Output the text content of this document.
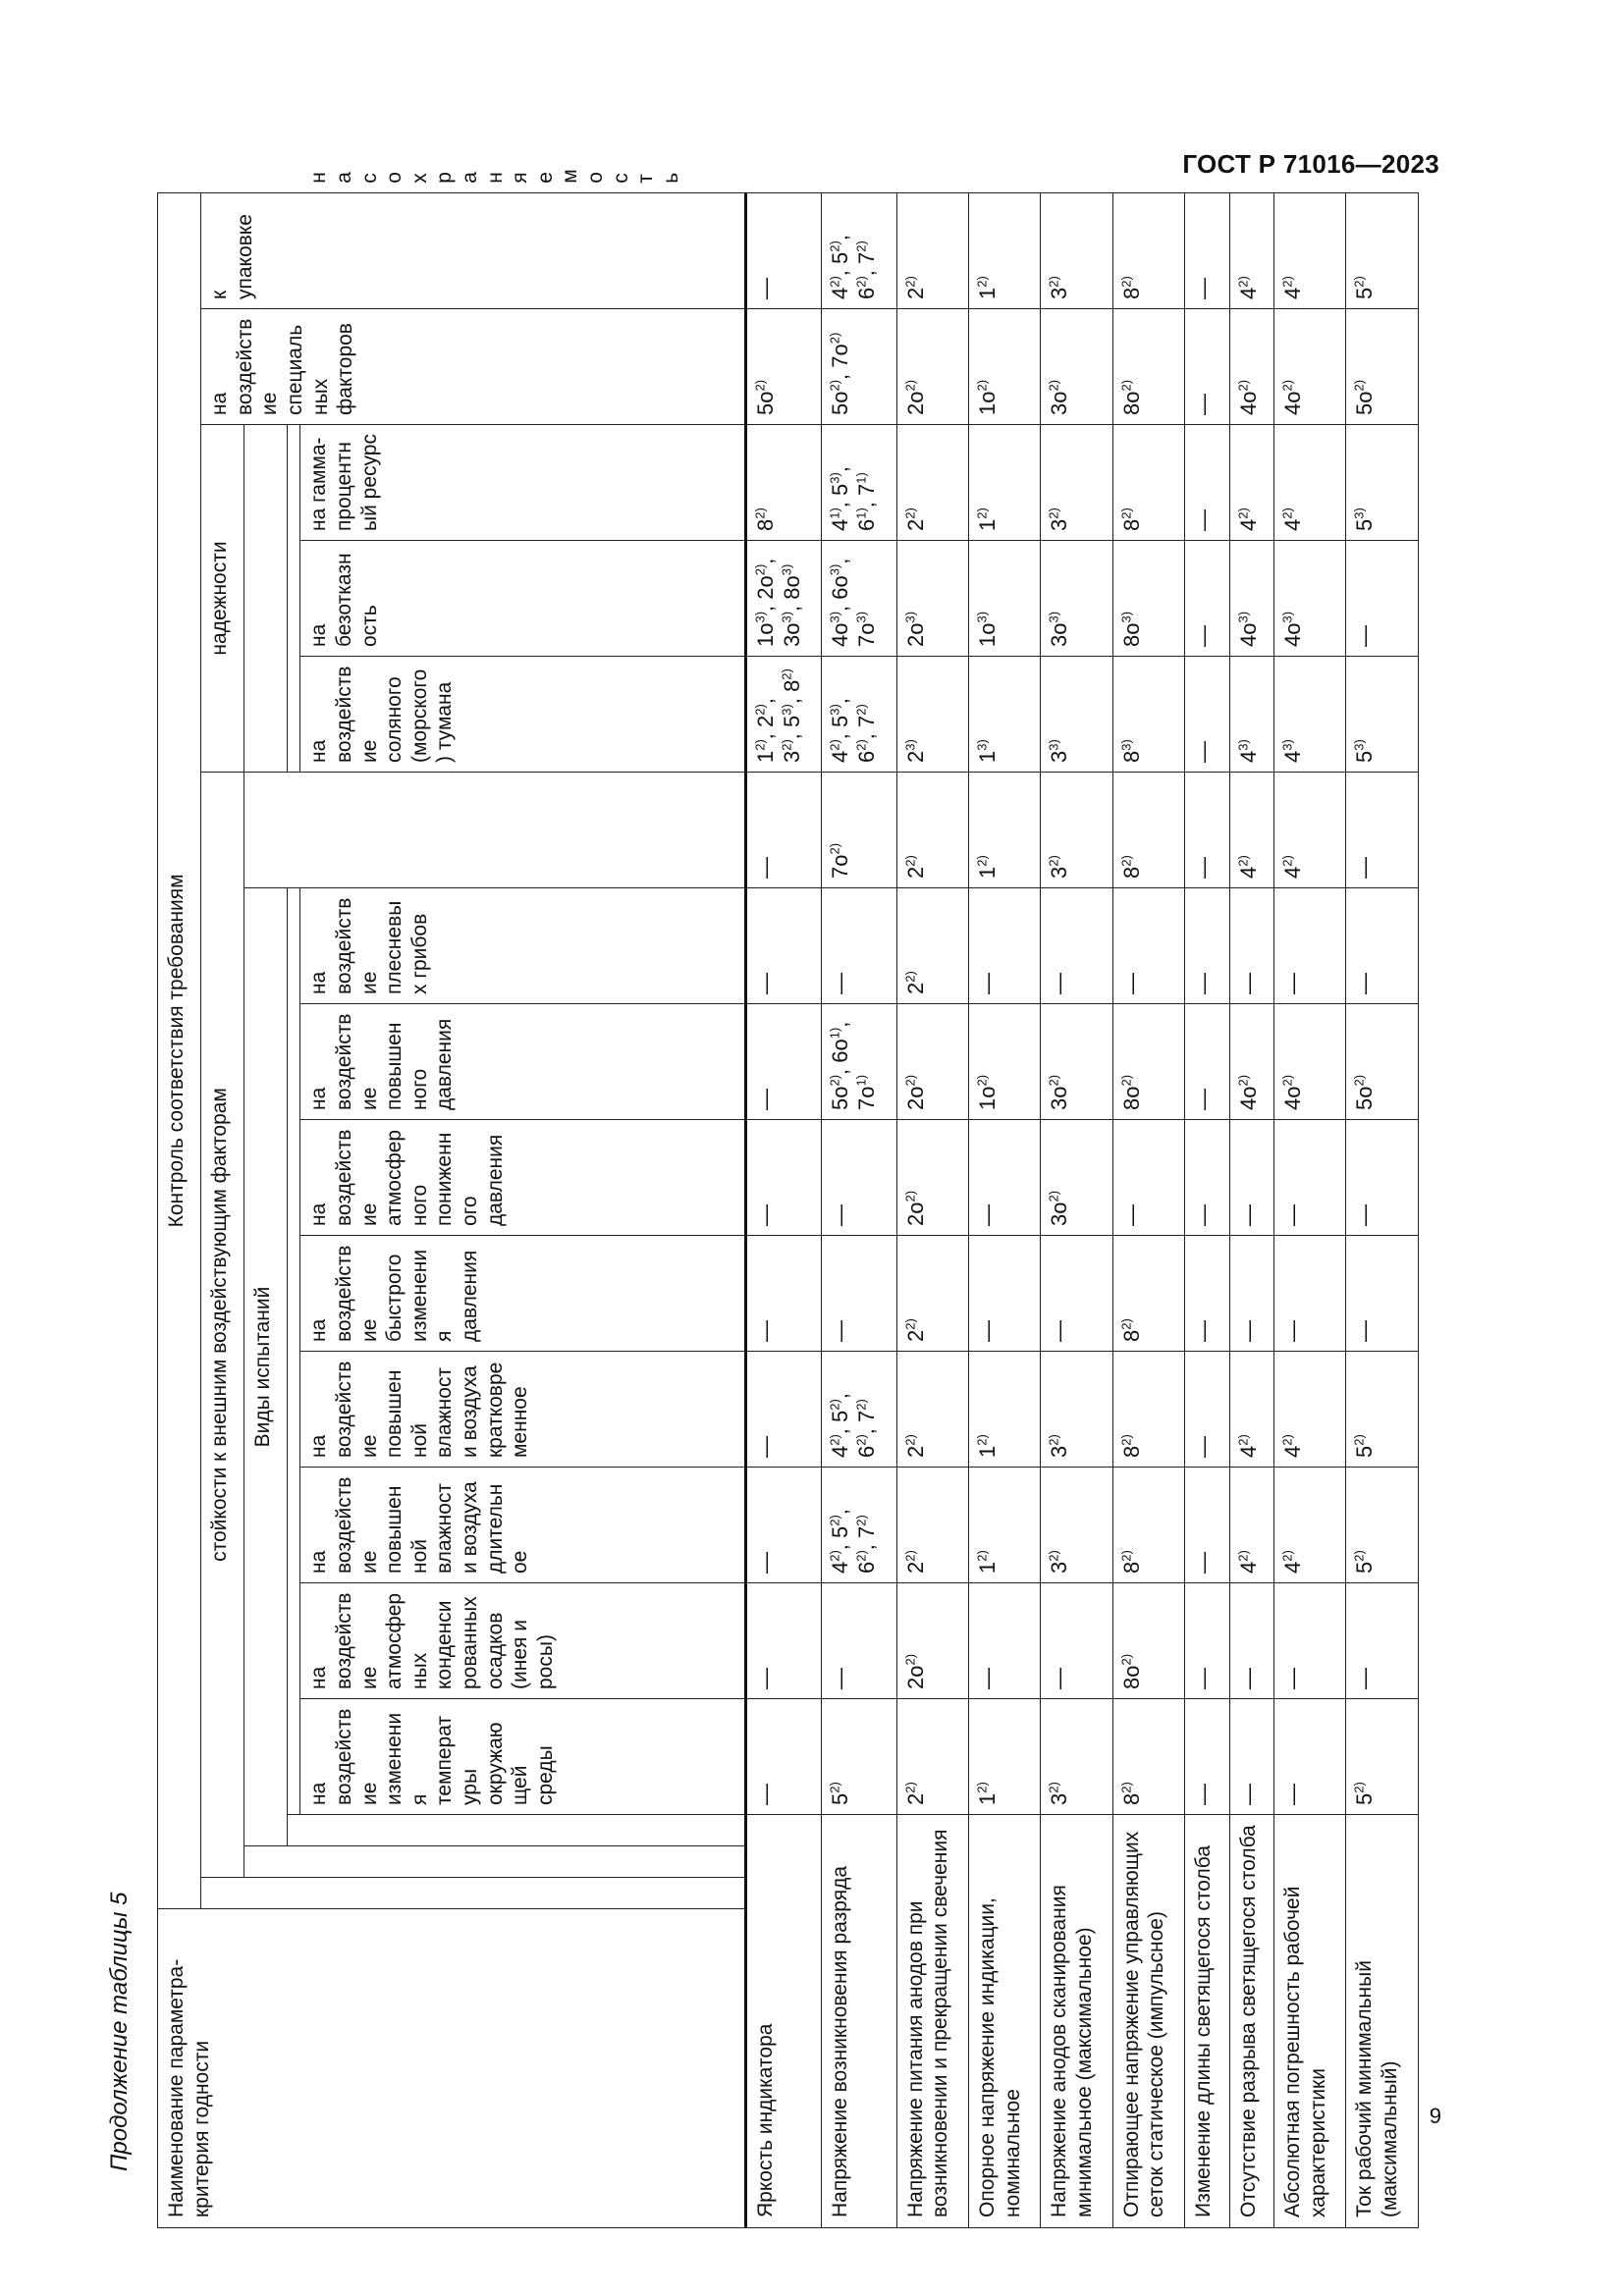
ГОСТ Р 71016—2023
Продолжение таблицы 5 Наименование параметра-критерия годности	Контроль соответствия требованиям																	
		стойкости к внешним воздействующим факторам											надежности			на воздействие специальных факторов	к упаковке	
			Виды испытаний															

				на воздействие изменения температуры окружающей среды	на воздействие атмосферных конденсированных осадков (инея и росы)	на воздействие повышенной влажности воздуха длительное	на воздействие повышенной влажности воздуха кратковременное	на воздействие быстрого изменения давления	на воздействие атмосферного пониженного давления	на воздействие повышенного давления	на воздействие плесневых грибов		на воздействие соляного (морского) тумана	на безотказность	на гамма-процентный ресурс			на сохраняемость
Яркость индикатора				—	—	—	—	—	—	—	—	—	1$^{2)}$, 2$^{2)}$, 3$^{2)}$, 5$^{3)}$, 8$^{2)}$	$1о^{3)}$, $2о^{2)}$, $3о^{3)}$, $8о^{3)}$	8$^{2)}$	$5о^{2)}$	—	
Напряжение возникновения разряда				5$^{2)}$	—	4$^{2)}$, 5$^{2)}$, 6$^{2)}$, 7$^{2)}$	4$^{2)}$, 5$^{2)}$, 6$^{2)}$, 7$^{2)}$	—	—	$5о^{2)}$, $6о^{1)}$, $7о^{1)}$	—	$7о^{2)}$	4$^{2)}$, 5$^{3)}$, 6$^{2)}$, 7$^{2)}$	$4о^{3)}$, $6о^{3)}$, $7о^{3)}$	4$^{1)}$, 5$^{3)}$, 6$^{1)}$, 7$^{1)}$	$5о^{2)}$, $7о^{2)}$	4$^{2)}$, 5$^{2)}$, 6$^{2)}$, 7$^{2)}$
Напряжение питания анодов при возникновении и прекращении свечения				2$^{2)}$	$2о^{2)}$	2$^{2)}$	2$^{2)}$	2$^{2)}$	$2о^{2)}$	$2о^{2)}$	2$^{2)}$	2$^{2)}$	2$^{3)}$	$2о^{3)}$	2$^{2)}$	$2о^{2)}$	2$^{2)}$
Опорное напряжение индикации, номинальное				1$^{2)}$	—	1$^{2)}$	1$^{2)}$	—	—	$1о^{2)}$	—	1$^{2)}$	1$^{3)}$	$1о^{3)}$	1$^{2)}$	$1о^{2)}$	1$^{2)}$
Напряжение анодов сканирования минимальное (максимальное)				3$^{2)}$	—	3$^{2)}$	3$^{2)}$	—	$3о^{2)}$	$3о^{2)}$	—	3$^{2)}$	3$^{3)}$	$3о^{3)}$	3$^{2)}$	$3о^{2)}$	3$^{2)}$
Отпирающее напряжение управляющих сеток статическое (импульсное)				8$^{2)}$	$8о^{2)}$	8$^{2)}$	8$^{2)}$	8$^{2)}$	—	$8о^{2)}$	—	8$^{2)}$	8$^{3)}$	$8о^{3)}$	8$^{2)}$	$8о^{2)}$	8$^{2)}$
Изменение длины светящегося столба				—	—	—	—	—	—	—	—	—	—	—	—	—	—	
Отсутствие разрыва светящегося столба				—	—	4$^{2)}$	4$^{2)}$	—	—	$4о^{2)}$	—	4$^{2)}$	4$^{3)}$	$4о^{3)}$	4$^{2)}$	$4о^{2)}$	4$^{2)}$
Абсолютная погрешность рабочей характеристики				—	—	4$^{2)}$	4$^{2)}$	—	—	$4о^{2)}$	—	4$^{2)}$	4$^{3)}$	$4о^{3)}$	4$^{2)}$	$4о^{2)}$	4$^{2)}$
Ток рабочий минимальный (максимальный)				5$^{2)}$	—	5$^{2)}$	5$^{2)}$	—	—	$5о^{2)}$	—	—	5$^{3)}$	—	5$^{3)}$	$5о^{2)}$	5$^{2)}$
9
